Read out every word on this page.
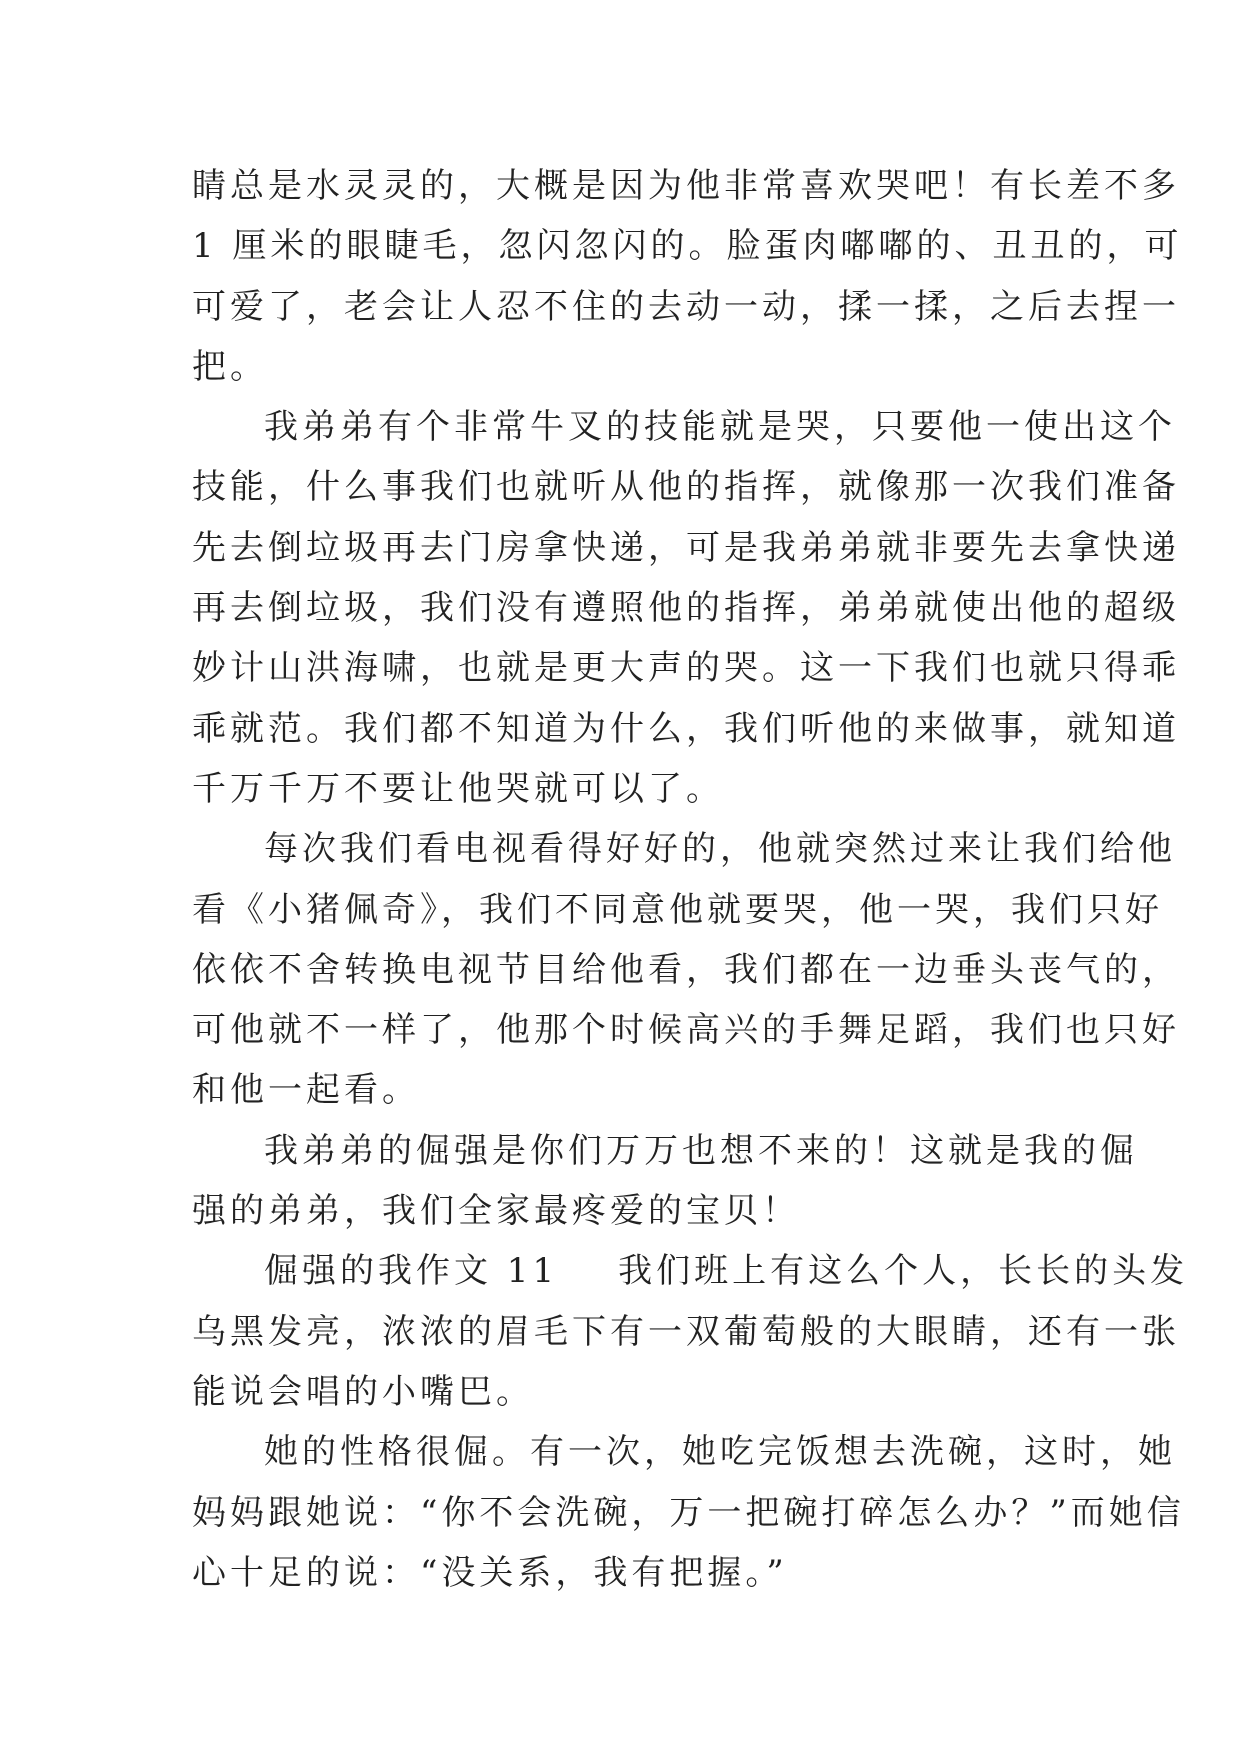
睛总是水灵灵的，大概是因为他非常喜欢哭吧！有长差不多
1 厘米的眼睫毛，忽闪忽闪的。脸蛋肉嘟嘟的、丑丑的，可
可爱了，老会让人忍不住的去动一动，揉一揉，之后去捏一
把。
我弟弟有个非常牛叉的技能就是哭，只要他一使出这个
技能，什么事我们也就听从他的指挥，就像那一次我们准备
先去倒垃圾再去门房拿快递，可是我弟弟就非要先去拿快递
再去倒垃圾，我们没有遵照他的指挥，弟弟就使出他的超级
妙计山洪海啸，也就是更大声的哭。这一下我们也就只得乖
乖就范。我们都不知道为什么，我们听他的来做事，就知道
千万千万不要让他哭就可以了。
每次我们看电视看得好好的，他就突然过来让我们给他
看《小猪佩奇》，我们不同意他就要哭，他一哭，我们只好
依依不舍转换电视节目给他看，我们都在一边垂头丧气的，
可他就不一样了，他那个时候高兴的手舞足蹈，我们也只好
和他一起看。
我弟弟的倔强是你们万万也想不来的！这就是我的倔
强的弟弟，我们全家最疼爱的宝贝！
倔强的我作文 11 我们班上有这么个人，长长的头发
乌黑发亮，浓浓的眉毛下有一双葡萄般的大眼睛，还有一张
能说会唱的小嘴巴。
她的性格很倔。有一次，她吃完饭想去洗碗，这时，她
妈妈跟她说：“你不会洗碗，万一把碗打碎怎么办？”而她信
心十足的说：“没关系，我有把握。”
